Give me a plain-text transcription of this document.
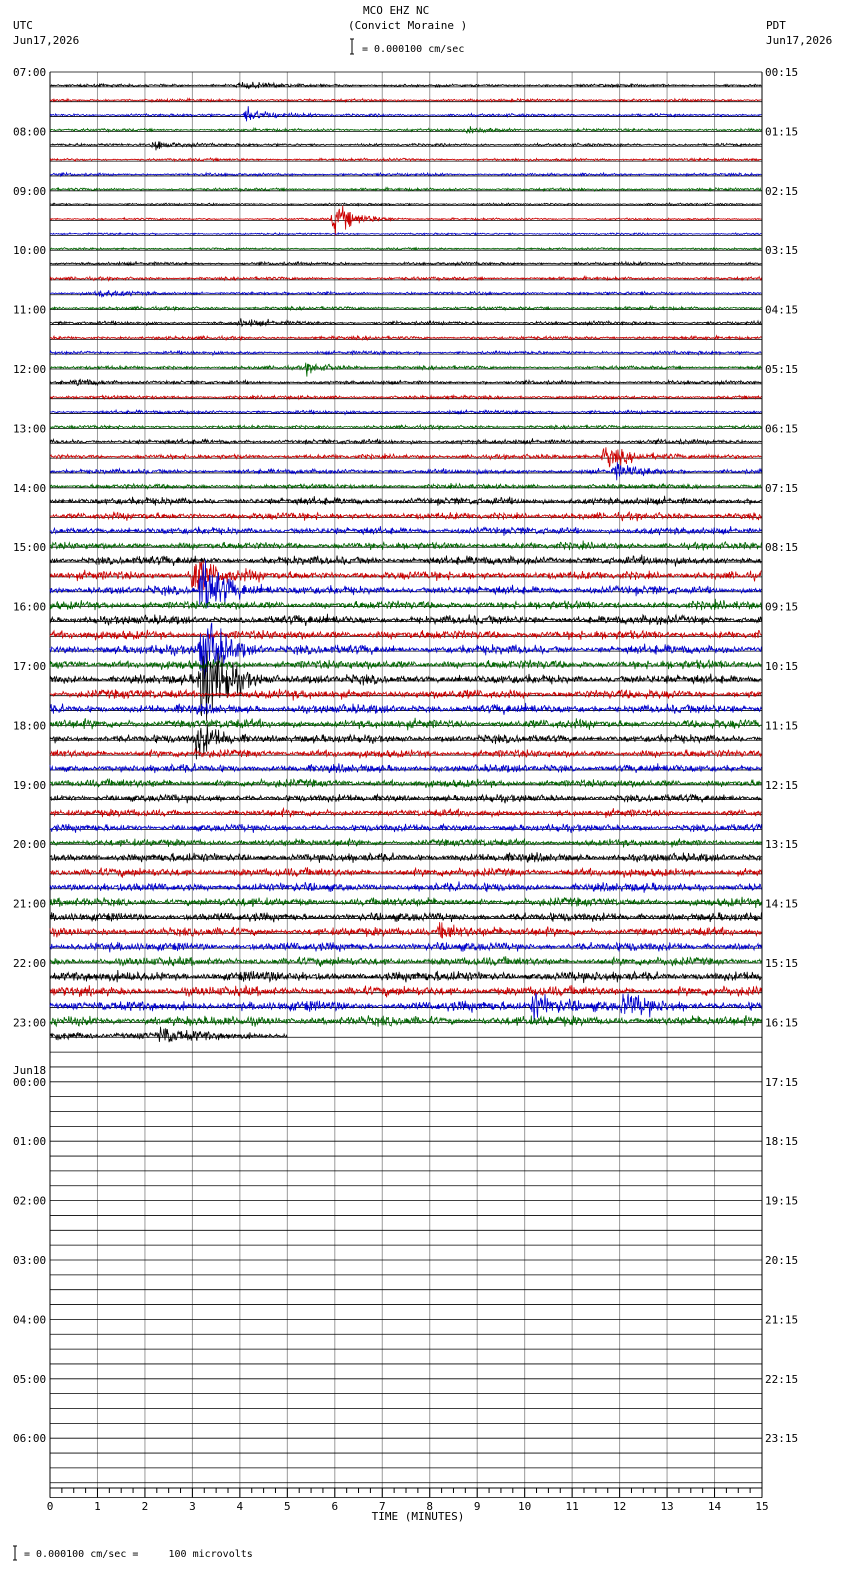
UTC
Jun17,2026
MCO EHZ NC
(Convict Moraine )
= 0.000100 cm/sec
PDT
Jun17,2026
= 0.000100 cm/sec =     100 microvolts
07:00
08:00
09:00
10:00
11:00
12:00
13:00
14:00
15:00
16:00
17:00
18:00
19:00
20:00
21:00
22:00
23:00
00:00
Jun18
01:00
02:00
03:00
04:00
05:00
06:00
00:15
01:15
02:15
03:15
04:15
05:15
06:15
07:15
08:15
09:15
10:15
11:15
12:15
13:15
14:15
15:15
16:15
17:15
18:15
19:15
20:15
21:15
22:15
23:15
0	1	2	3	4	5	6	7	8	9	10	11	12	13	14	15
TIME (MINUTES)
